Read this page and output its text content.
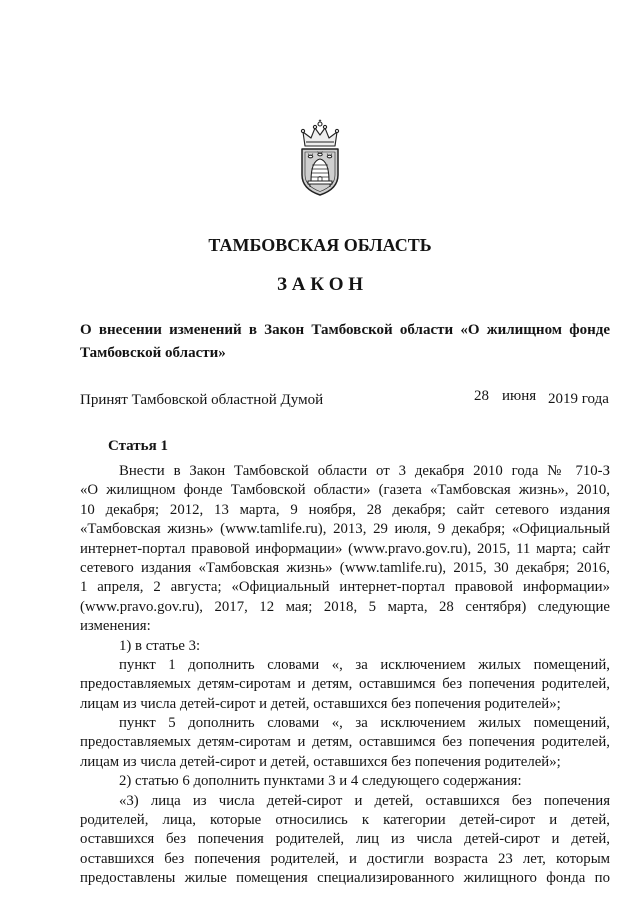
ТАМБОВСКАЯ ОБЛАСТЬ
З А К О Н
О внесении изменений в Закон Тамбовской области «О жилищном фонде
Тамбовской области»
Принят Тамбовской областной Думой	28 июня 2019 года
Статья 1
Внести в Закон Тамбовской области от 3 декабря 2010 года № 710-З
«О жилищном фонде Тамбовской области» (газета «Тамбовская жизнь», 2010,
10 декабря; 2012, 13 марта, 9 ноября, 28 декабря; сайт сетевого издания
«Тамбовская жизнь» (www.tamlife.ru), 2013, 29 июля, 9 декабря; «Официальный
интернет-портал правовой информации» (www.pravo.gov.ru), 2015, 11 марта; сайт
сетевого издания «Тамбовская жизнь» (www.tamlife.ru), 2015, 30 декабря; 2016,
1 апреля, 2 августа; «Официальный интернет-портал правовой информации»
(www.pravo.gov.ru), 2017, 12 мая; 2018, 5 марта, 28 сентября) следующие
изменения:
1) в статье 3:
пункт 1 дополнить словами «, за исключением жилых помещений,
предоставляемых детям-сиротам и детям, оставшимся без попечения родителей,
лицам из числа детей-сирот и детей, оставшихся без попечения родителей»;
пункт 5 дополнить словами «, за исключением жилых помещений,
предоставляемых детям-сиротам и детям, оставшимся без попечения родителей,
лицам из числа детей-сирот и детей, оставшихся без попечения родителей»;
2) статью 6 дополнить пунктами 3 и 4 следующего содержания:
«3) лица из числа детей-сирот и детей, оставшихся без попечения
родителей, лица, которые относились к категории детей-сирот и детей,
оставшихся без попечения родителей, лиц из числа детей-сирот и детей,
оставшихся без попечения родителей, и достигли возраста 23 лет, которым
предоставлены жилые помещения специализированного жилищного фонда по
